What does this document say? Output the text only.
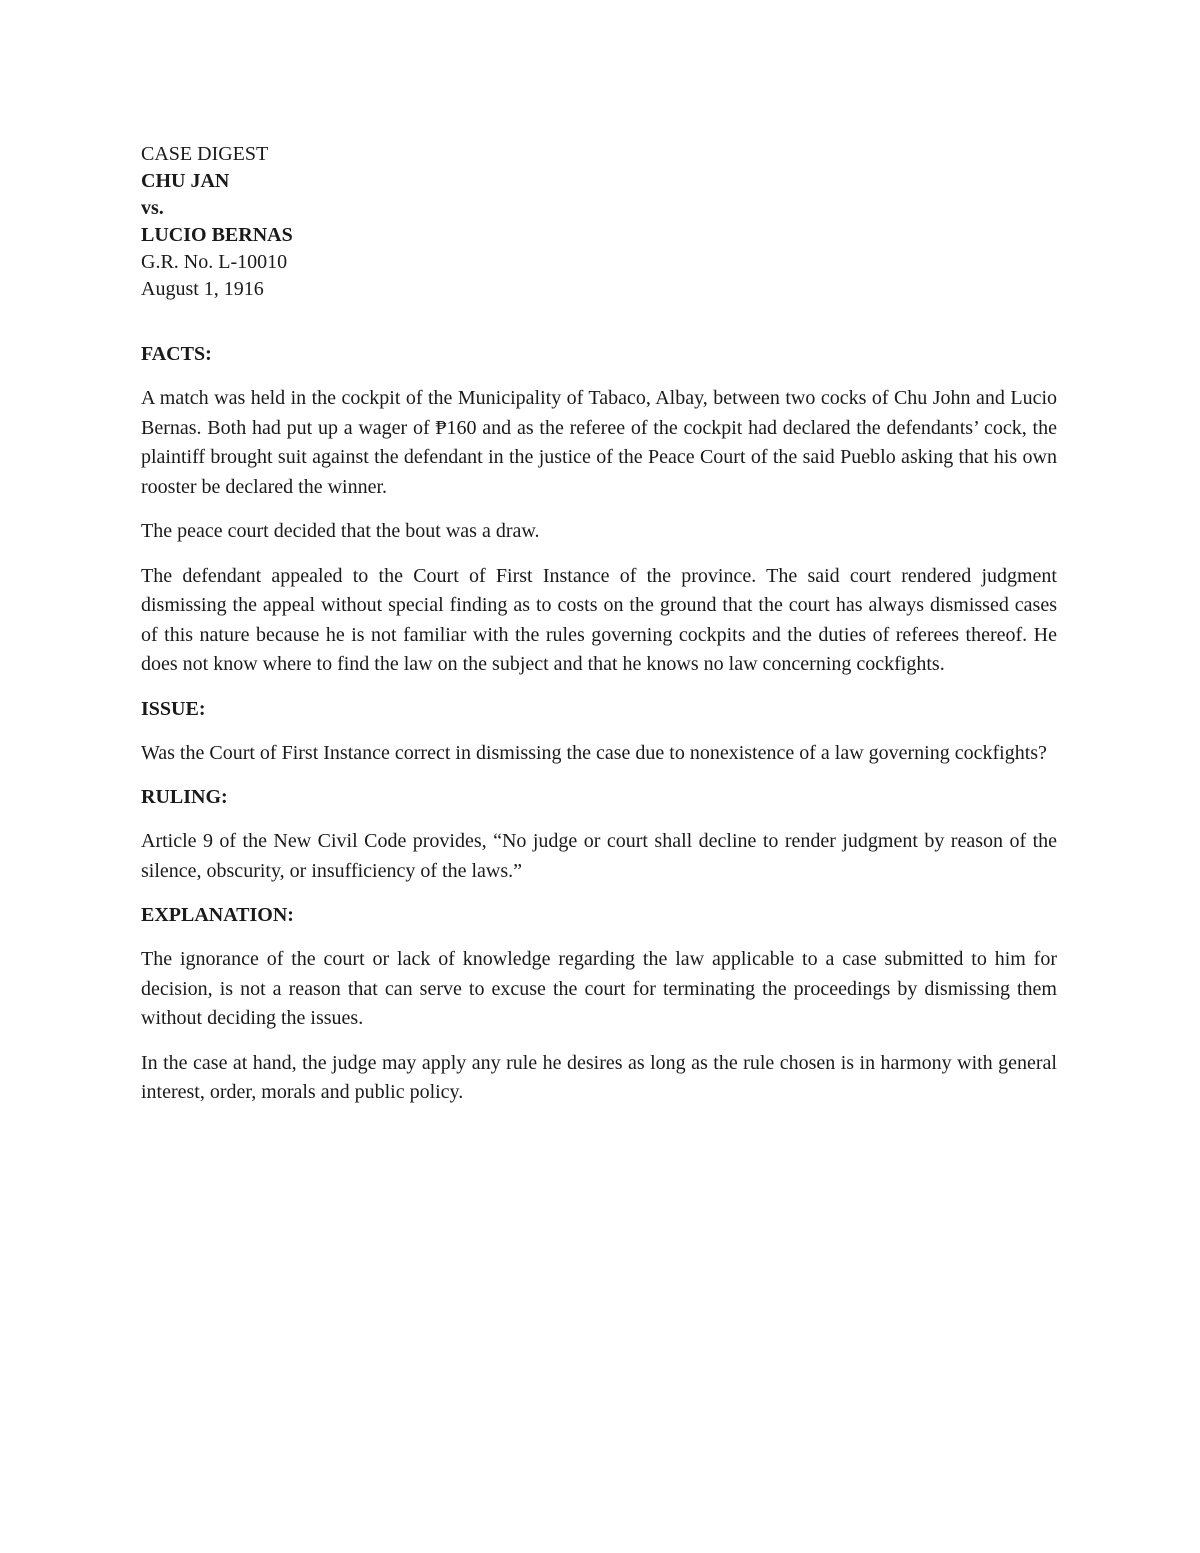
CASE DIGEST
CHU JAN
vs.
LUCIO BERNAS
G.R. No. L-10010
August 1, 1916

FACTS:

A match was held in the cockpit of the Municipality of Tabaco, Albay, between two cocks of Chu John and Lucio Bernas. Both had put up a wager of ₱160 and as the referee of the cockpit had declared the defendants’ cock, the plaintiff brought suit against the defendant in the justice of the Peace Court of the said Pueblo asking that his own rooster be declared the winner.

The peace court decided that the bout was a draw.

The defendant appealed to the Court of First Instance of the province. The said court rendered judgment dismissing the appeal without special finding as to costs on the ground that the court has always dismissed cases of this nature because he is not familiar with the rules governing cockpits and the duties of referees thereof. He does not know where to find the law on the subject and that he knows no law concerning cockfights.

ISSUE:

Was the Court of First Instance correct in dismissing the case due to nonexistence of a law governing cockfights?

RULING:

Article 9 of the New Civil Code provides, “No judge or court shall decline to render judgment by reason of the silence, obscurity, or insufficiency of the laws.”

EXPLANATION:

The ignorance of the court or lack of knowledge regarding the law applicable to a case submitted to him for decision, is not a reason that can serve to excuse the court for terminating the proceedings by dismissing them without deciding the issues.

In the case at hand, the judge may apply any rule he desires as long as the rule chosen is in harmony with general interest, order, morals and public policy.
